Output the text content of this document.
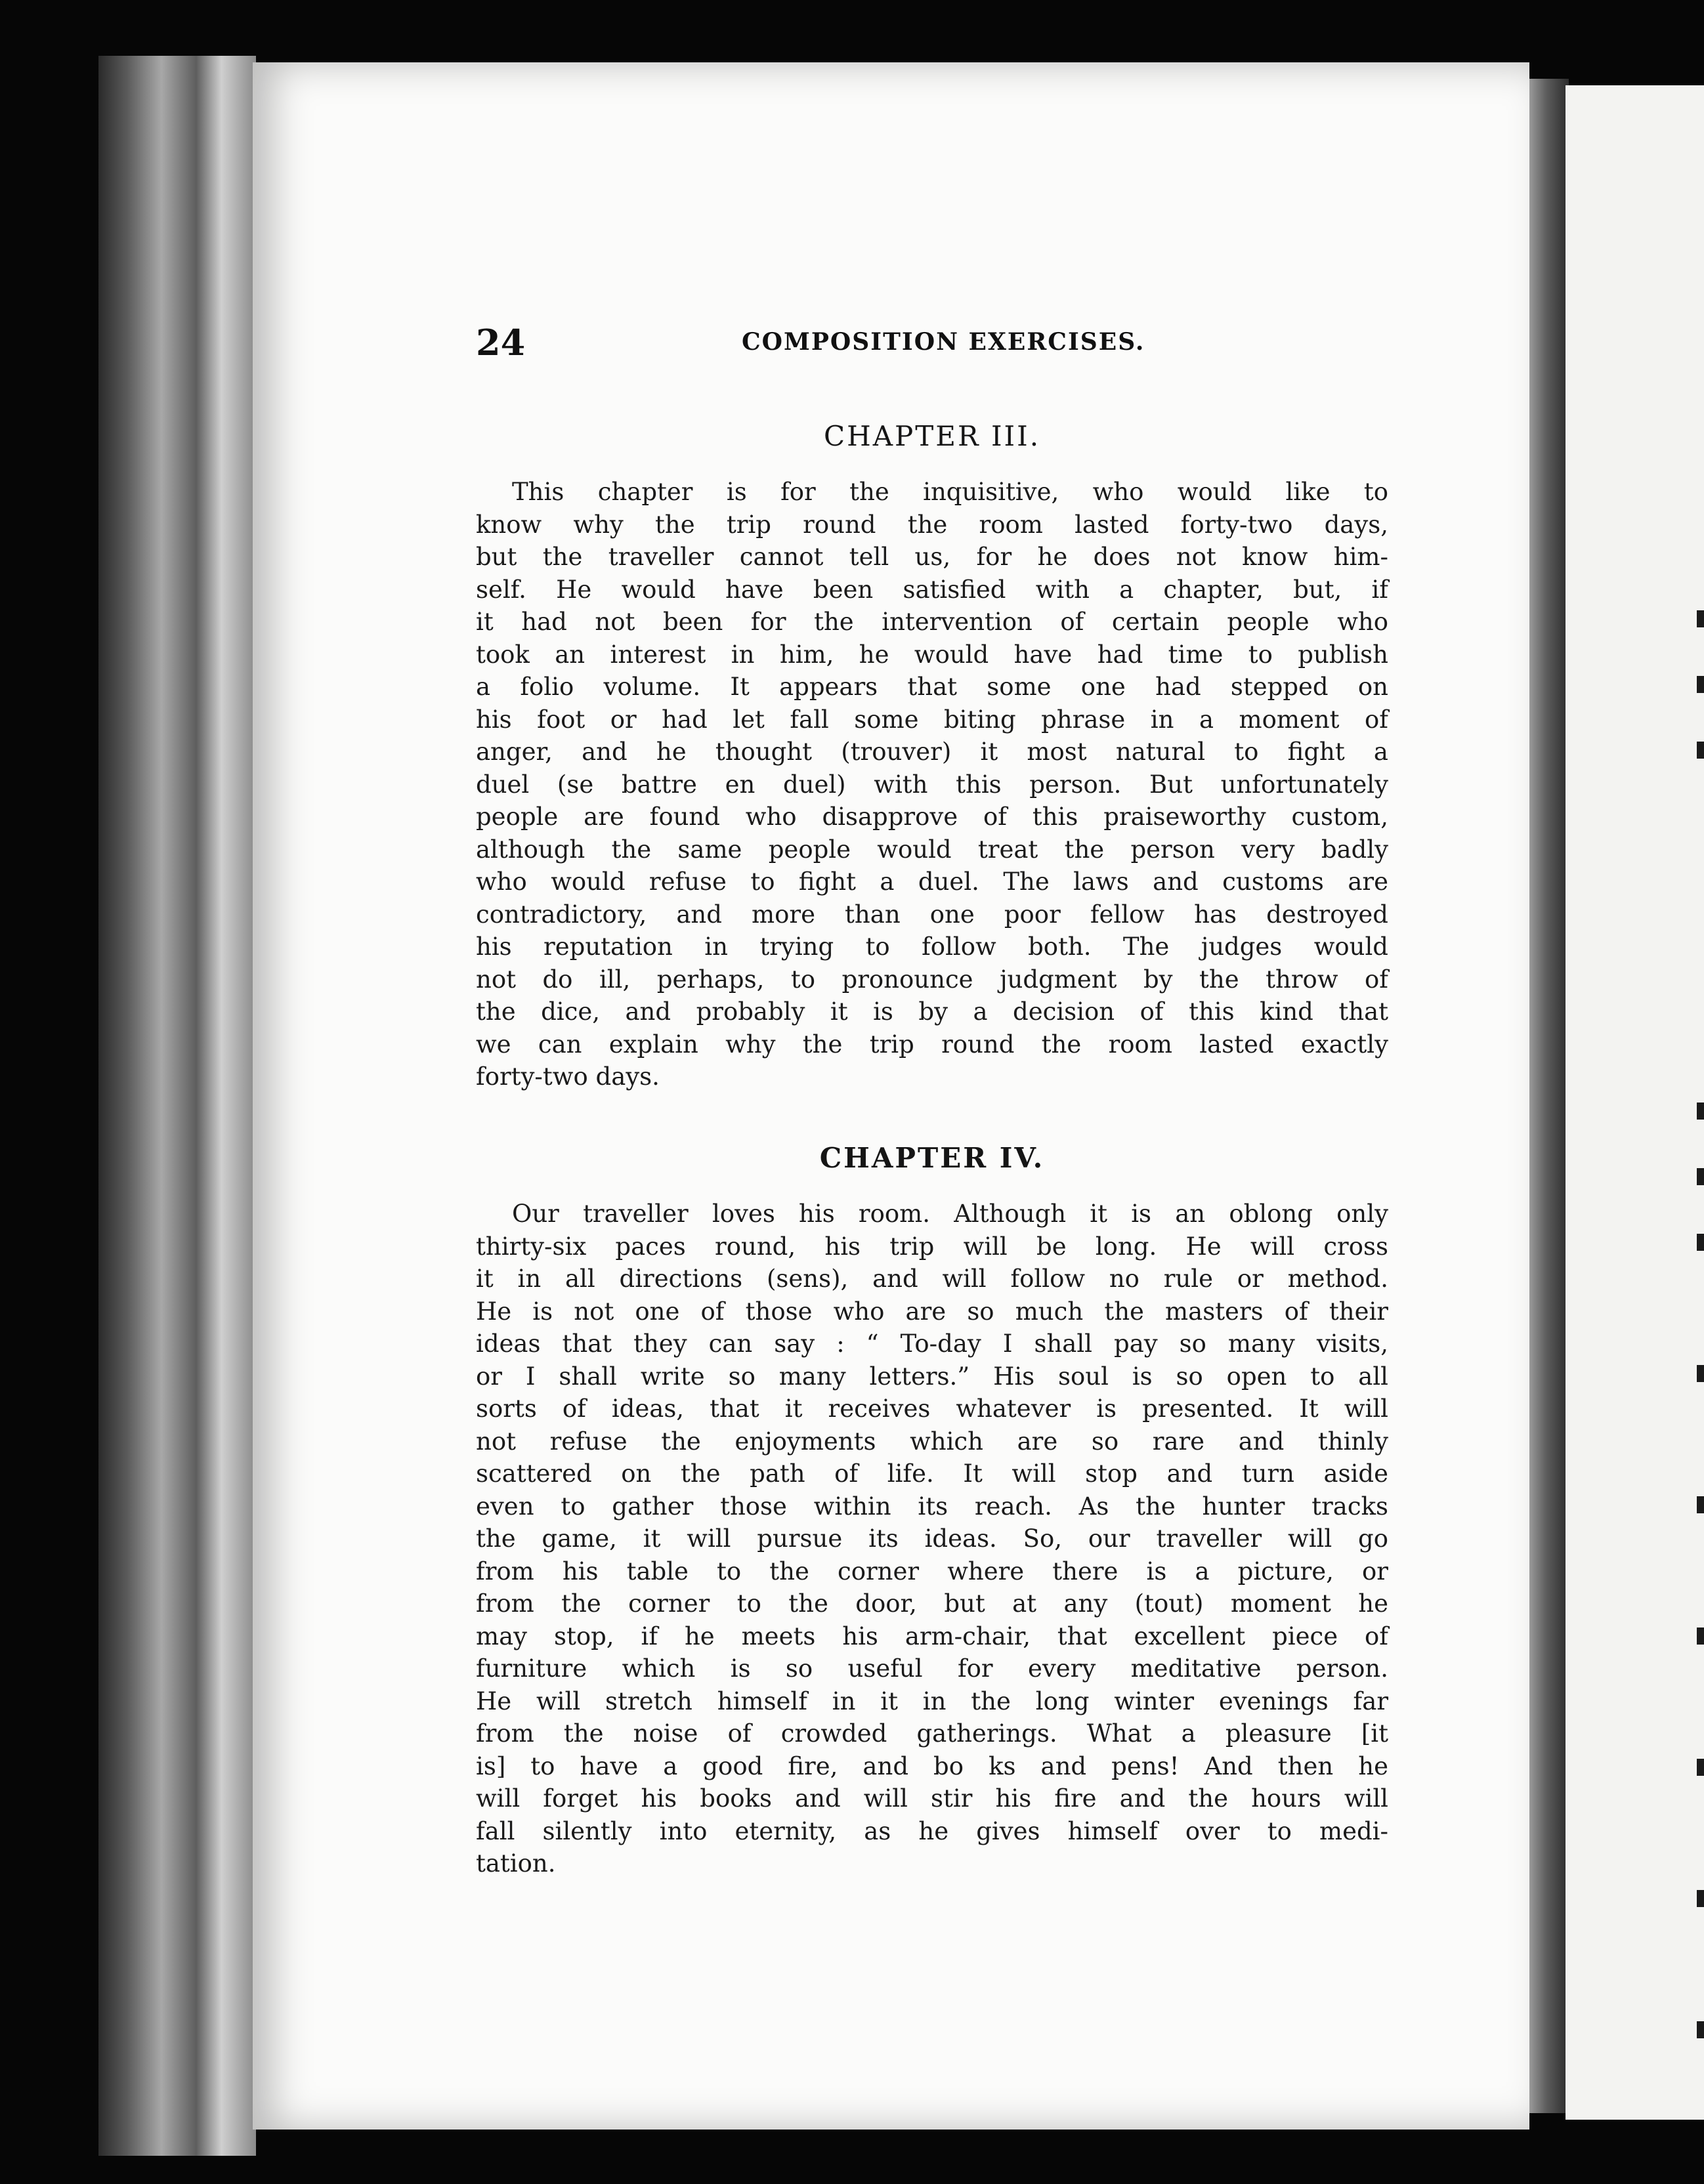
24	COMPOSITION EXERCISES.
CHAPTER III.
This chapter is for the inquisitive, who would like to
know why the trip round the room lasted forty-two days,
but the traveller cannot tell us, for he does not know him-
self. He would have been satisfied with a chapter, but, if
it had not been for the intervention of certain people who
took an interest in him, he would have had time to publish
a folio volume. It appears that some one had stepped on
his foot or had let fall some biting phrase in a moment of
anger, and he thought (trouver) it most natural to fight a
duel (se battre en duel) with this person. But unfortunately
people are found who disapprove of this praiseworthy custom,
although the same people would treat the person very badly
who would refuse to fight a duel. The laws and customs are
contradictory, and more than one poor fellow has destroyed
his reputation in trying to follow both. The judges would
not do ill, perhaps, to pronounce judgment by the throw of
the dice, and probably it is by a decision of this kind that
we can explain why the trip round the room lasted exactly
forty-two days.
CHAPTER IV.
Our traveller loves his room. Although it is an oblong only
thirty-six paces round, his trip will be long. He will cross
it in all directions (sens), and will follow no rule or method.
He is not one of those who are so much the masters of their
ideas that they can say : “ To-day I shall pay so many visits,
or I shall write so many letters.” His soul is so open to all
sorts of ideas, that it receives whatever is presented. It will
not refuse the enjoyments which are so rare and thinly
scattered on the path of life. It will stop and turn aside
even to gather those within its reach. As the hunter tracks
the game, it will pursue its ideas. So, our traveller will go
from his table to the corner where there is a picture, or
from the corner to the door, but at any (tout) moment he
may stop, if he meets his arm-chair, that excellent piece of
furniture which is so useful for every meditative person.
He will stretch himself in it in the long winter evenings far
from the noise of crowded gatherings. What a pleasure [it
is] to have a good fire, and bo ks and pens! And then he
will forget his books and will stir his fire and the hours will
fall silently into eternity, as he gives himself over to medi-
tation.
